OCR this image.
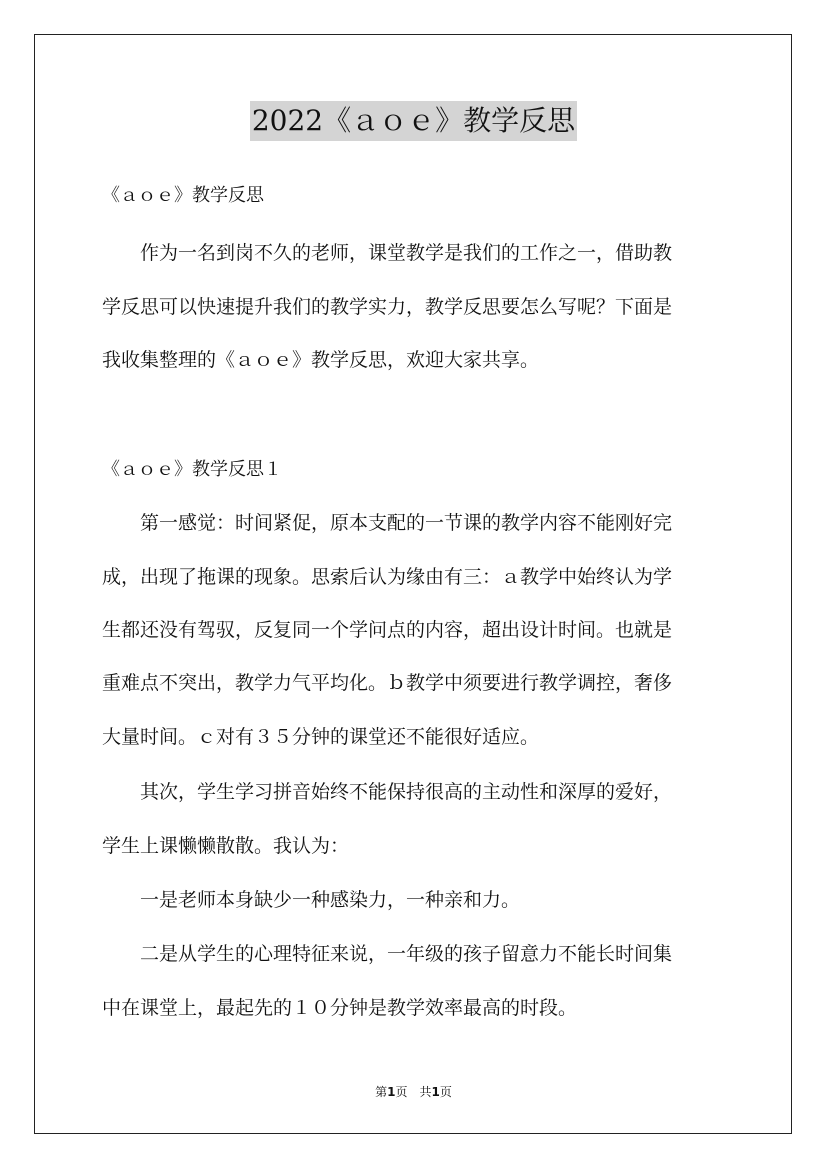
2022《ａｏｅ》教学反思
《ａｏｅ》教学反思
　　作为一名到岗不久的老师，课堂教学是我们的工作之一，借助教
学反思可以快速提升我们的教学实力，教学反思要怎么写呢？下面是
我收集整理的《ａｏｅ》教学反思，欢迎大家共享。
《ａｏｅ》教学反思１
　　第一感觉：时间紧促，原本支配的一节课的教学内容不能刚好完
成，出现了拖课的现象。思索后认为缘由有三：ａ教学中始终认为学
生都还没有驾驭，反复同一个学问点的内容，超出设计时间。也就是
重难点不突出，教学力气平均化。ｂ教学中须要进行教学调控，奢侈
大量时间。ｃ对有３５分钟的课堂还不能很好适应。
　　其次，学生学习拼音始终不能保持很高的主动性和深厚的爱好，
学生上课懒懒散散。我认为：
　　一是老师本身缺少一种感染力，一种亲和力。
　　二是从学生的心理特征来说，一年级的孩子留意力不能长时间集
中在课堂上，最起先的１０分钟是教学效率最高的时段。
第1页　共1页
